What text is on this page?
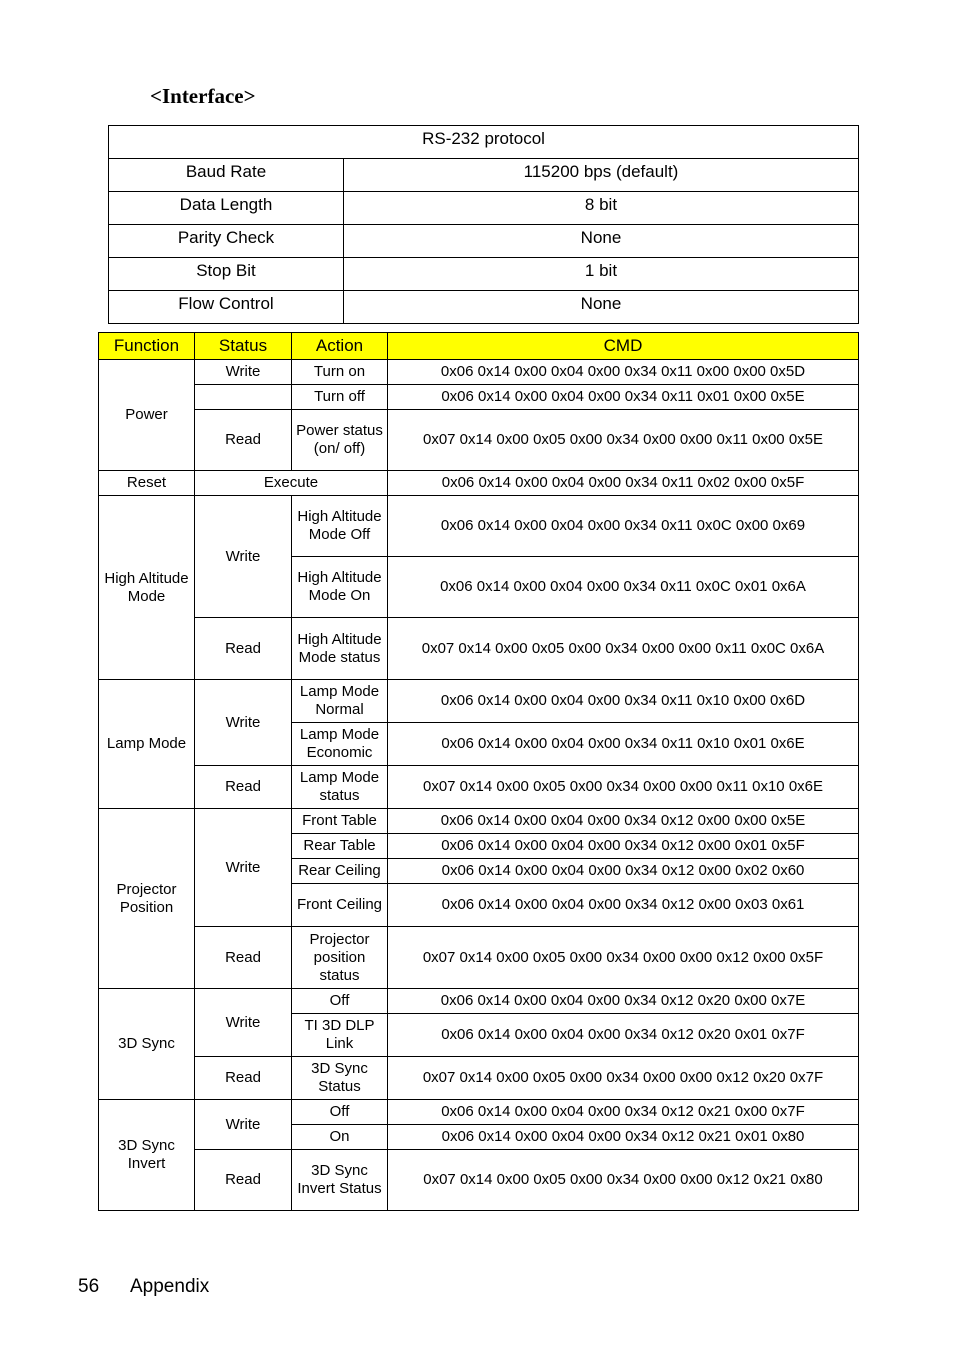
<Interface>
RS-232 protocol	
Baud Rate	115200 bps (default)
Data Length	8 bit
Parity Check	None
Stop Bit	1 bit
Flow Control	None
Function	Status	Action	CMD
Power	Write	Turn on	0x06 0x14 0x00 0x04 0x00 0x34 0x11 0x00 0x00 0x5D
		Turn off	0x06 0x14 0x00 0x04 0x00 0x34 0x11 0x01 0x00 0x5E
	Read	Power status (on/ off)	0x07 0x14 0x00 0x05 0x00 0x34 0x00 0x00 0x11 0x00 0x5E
Reset	Execute		0x06 0x14 0x00 0x04 0x00 0x34 0x11 0x02 0x00 0x5F
High Altitude Mode	Write	High Altitude Mode Off	0x06 0x14 0x00 0x04 0x00 0x34 0x11 0x0C 0x00 0x69
		High Altitude Mode On	0x06 0x14 0x00 0x04 0x00 0x34 0x11 0x0C 0x01 0x6A
	Read	High Altitude Mode status	0x07 0x14 0x00 0x05 0x00 0x34 0x00 0x00 0x11 0x0C 0x6A
Lamp Mode	Write	Lamp Mode Normal	0x06 0x14 0x00 0x04 0x00 0x34 0x11 0x10 0x00 0x6D
		Lamp Mode Economic	0x06 0x14 0x00 0x04 0x00 0x34 0x11 0x10 0x01 0x6E
	Read	Lamp Mode status	0x07 0x14 0x00 0x05 0x00 0x34 0x00 0x00 0x11 0x10 0x6E
Projector Position	Write	Front Table	0x06 0x14 0x00 0x04 0x00 0x34 0x12 0x00 0x00 0x5E
		Rear Table	0x06 0x14 0x00 0x04 0x00 0x34 0x12 0x00 0x01 0x5F
		Rear Ceiling	0x06 0x14 0x00 0x04 0x00 0x34 0x12 0x00 0x02 0x60
		Front Ceiling	0x06 0x14 0x00 0x04 0x00 0x34 0x12 0x00 0x03 0x61
	Read	Projector position status	0x07 0x14 0x00 0x05 0x00 0x34 0x00 0x00 0x12 0x00 0x5F
3D Sync	Write	Off	0x06 0x14 0x00 0x04 0x00 0x34 0x12 0x20 0x00 0x7E
		TI 3D DLP Link	0x06 0x14 0x00 0x04 0x00 0x34 0x12 0x20 0x01 0x7F
	Read	3D Sync Status	0x07 0x14 0x00 0x05 0x00 0x34 0x00 0x00 0x12 0x20 0x7F
3D Sync Invert	Write	Off	0x06 0x14 0x00 0x04 0x00 0x34 0x12 0x21 0x00 0x7F
		On	0x06 0x14 0x00 0x04 0x00 0x34 0x12 0x21 0x01 0x80
	Read	3D Sync Invert Status	0x07 0x14 0x00 0x05 0x00 0x34 0x00 0x00 0x12 0x21 0x80
56 Appendix
